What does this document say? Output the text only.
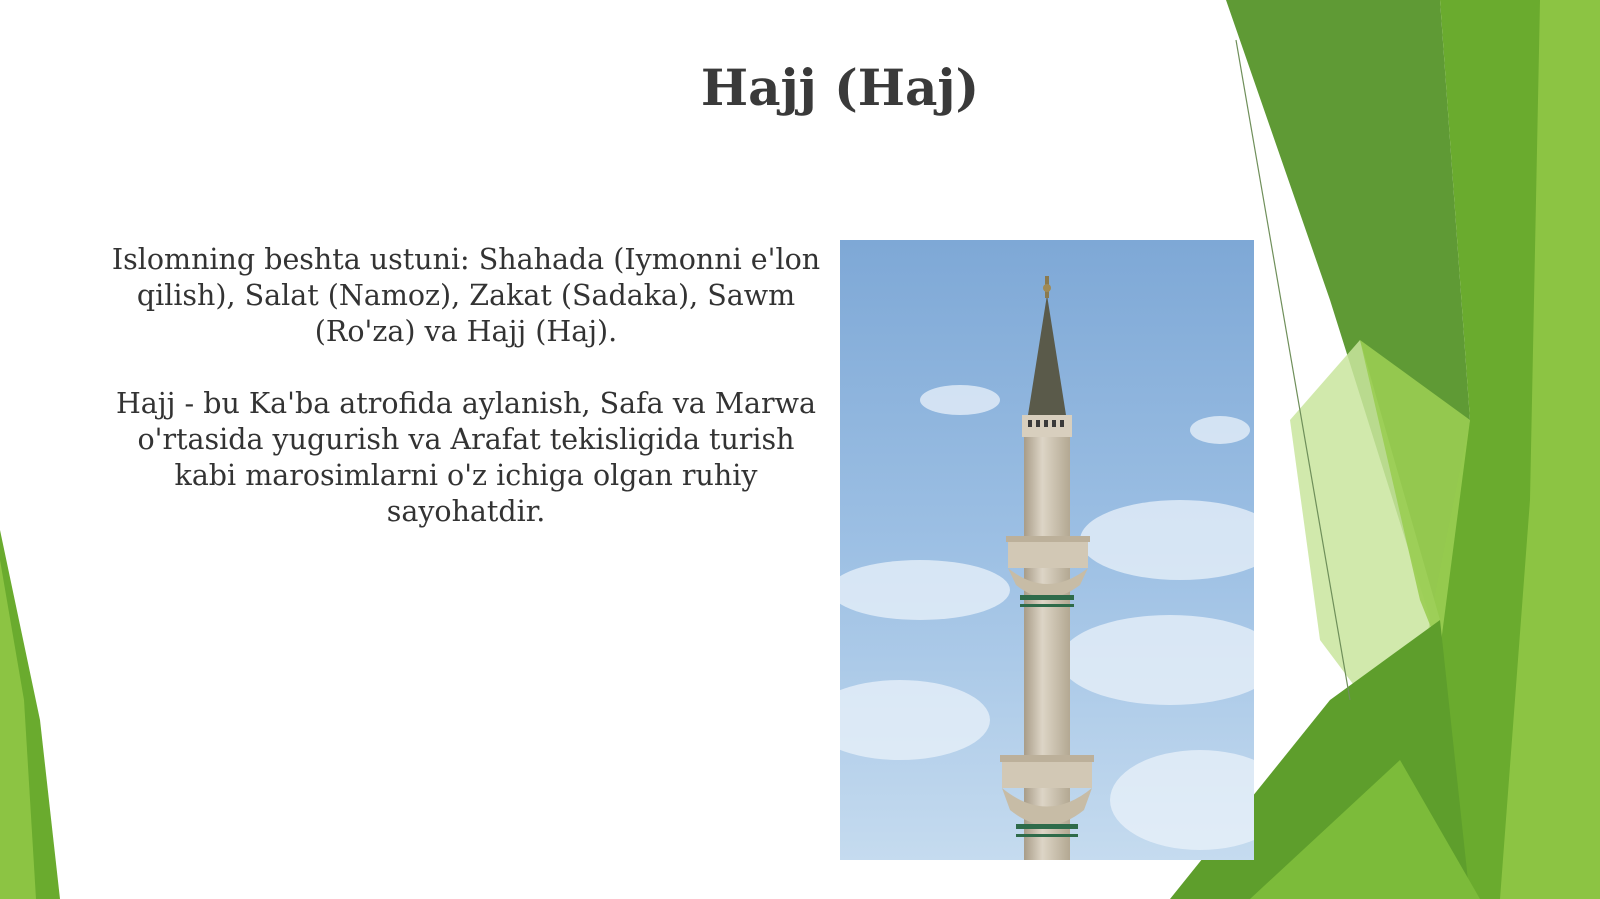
Hajj (Haj)

Islomning beshta ustuni: Shahada (Iymonni e'lon qilish), Salat (Namoz), Zakat (Sadaka), Sawm (Ro'za) va Hajj (Haj).

Hajj - bu Ka'ba atrofida aylanish, Safa va Marwa o'rtasida yugurish va Arafat tekisligida turish kabi marosimlarni o'z ichiga olgan ruhiy sayohatdir.
